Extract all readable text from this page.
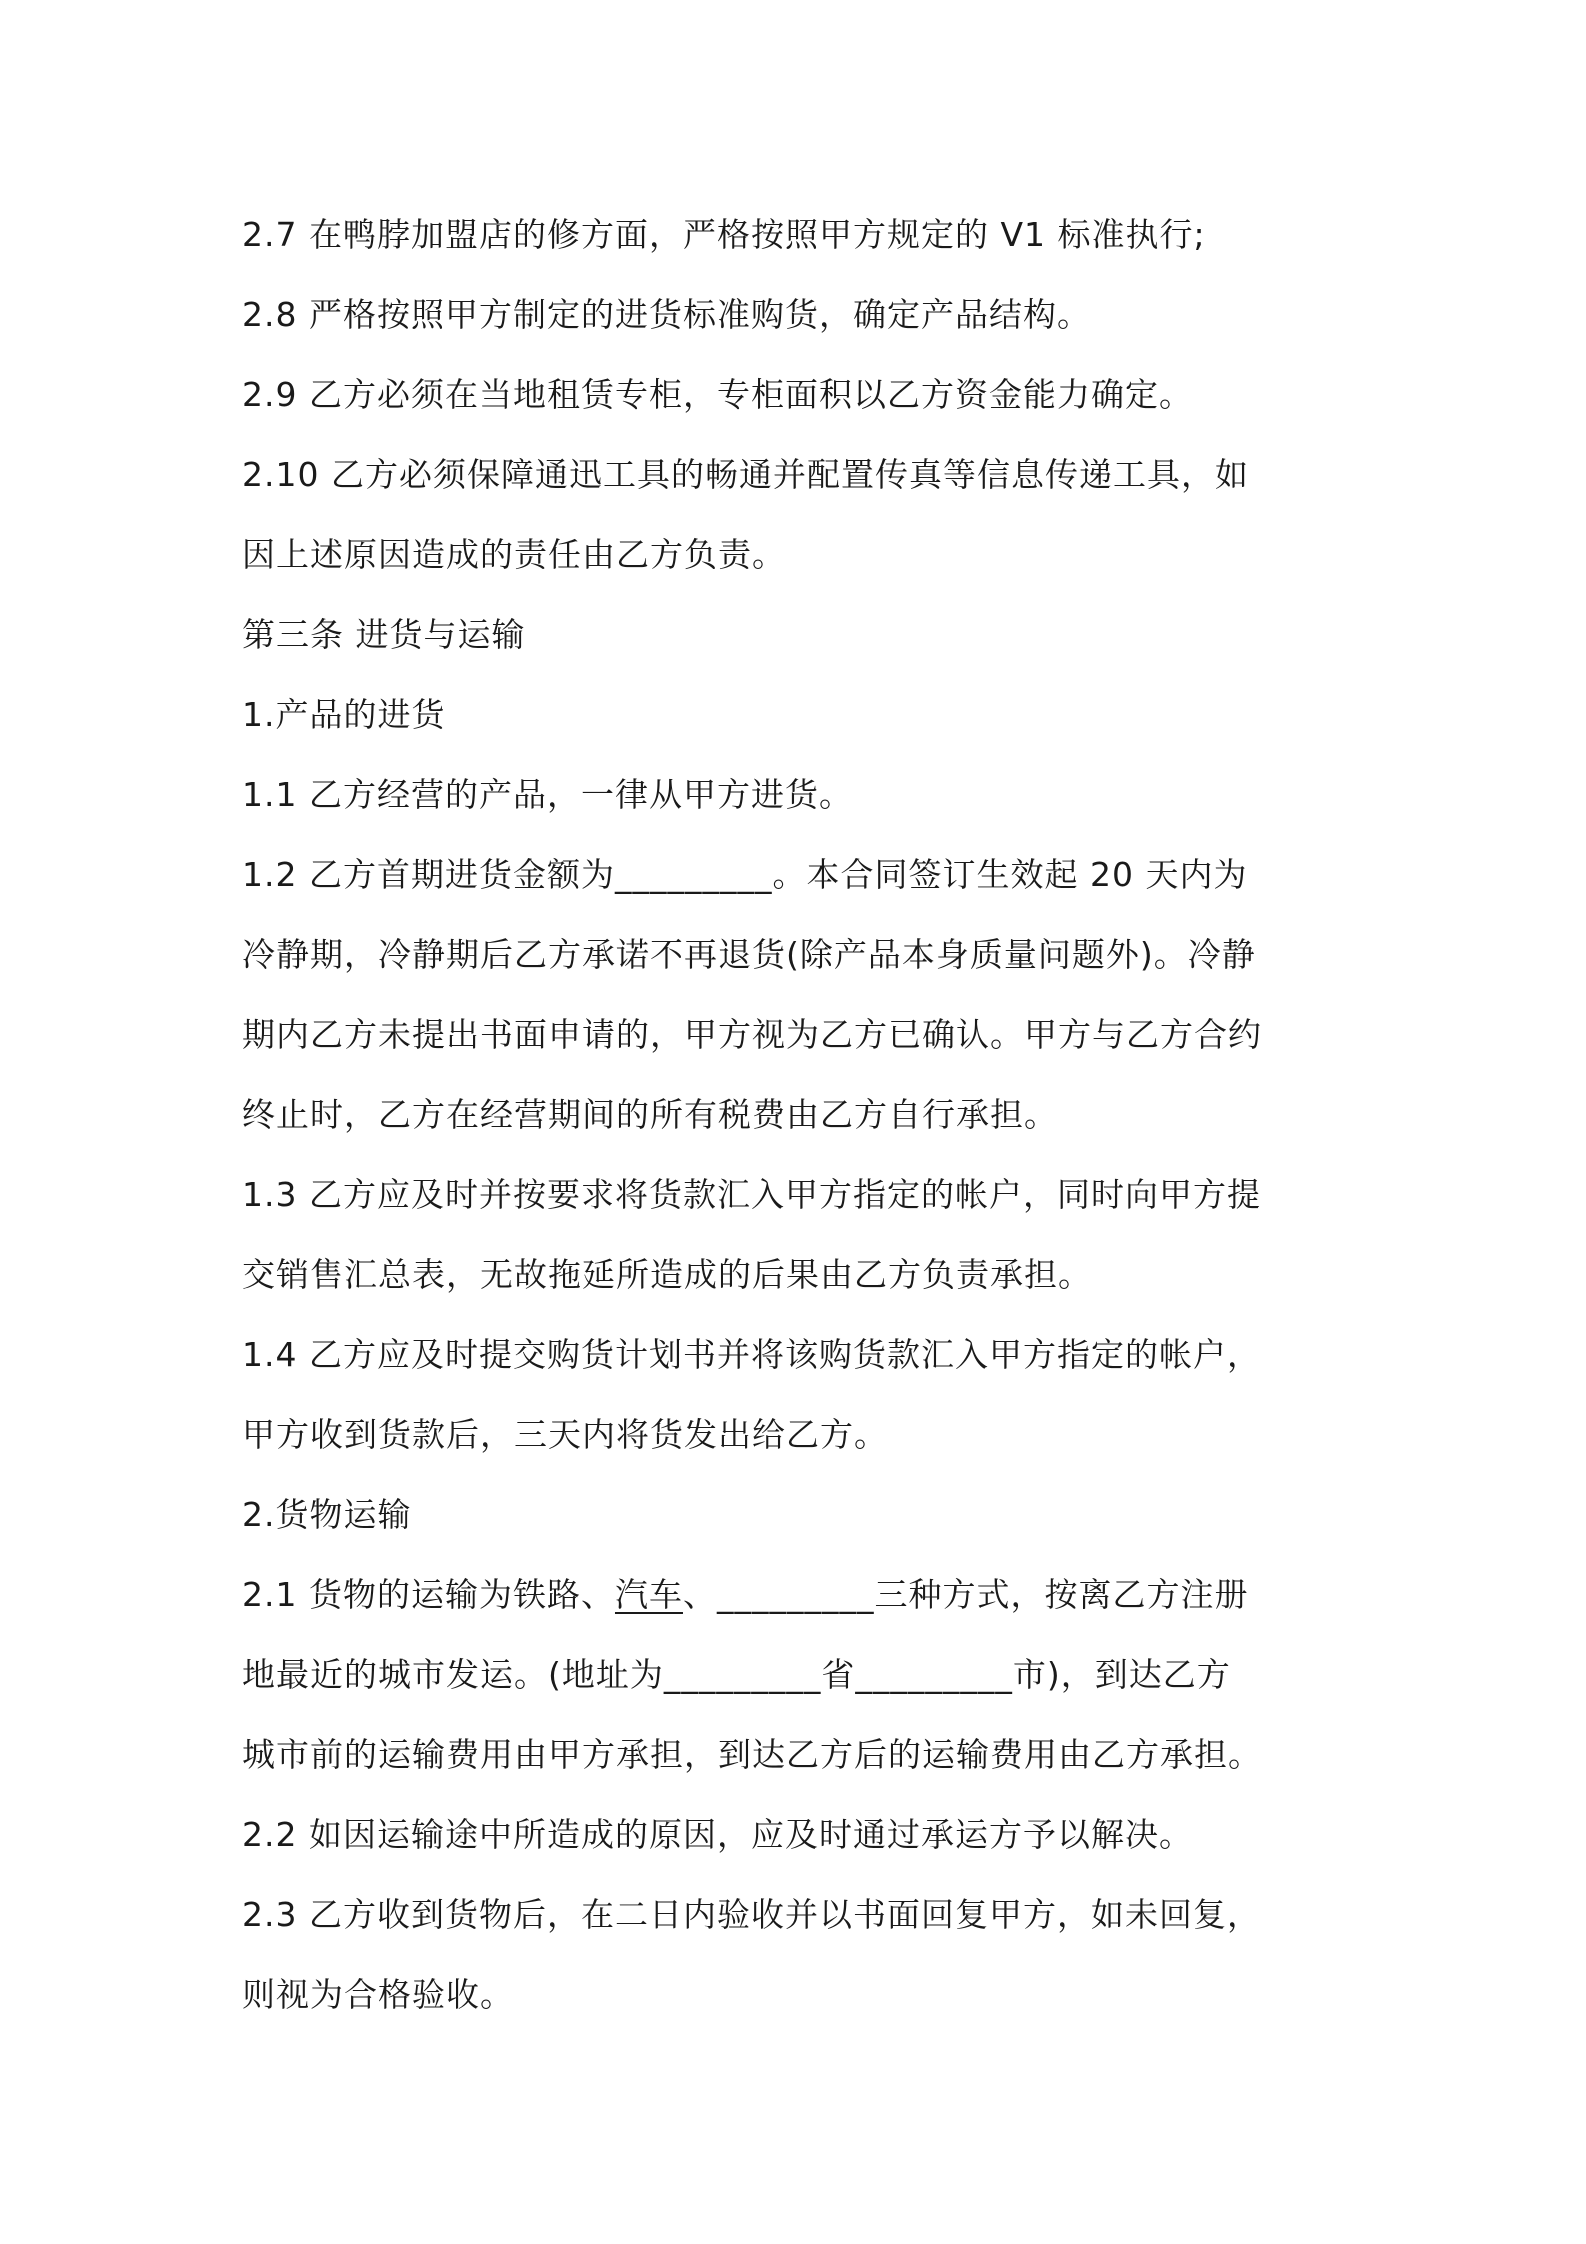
2.7 在鸭脖加盟店的修方面，严格按照甲方规定的 V1 标准执行;
2.8 严格按照甲方制定的进货标准购货，确定产品结构。
2.9 乙方必须在当地租赁专柜，专柜面积以乙方资金能力确定。
2.10 乙方必须保障通迅工具的畅通并配置传真等信息传递工具，如
因上述原因造成的责任由乙方负责。
第三条 进货与运输
1.产品的进货
1.1 乙方经营的产品，一律从甲方进货。
1.2 乙方首期进货金额为_________。本合同签订生效起 20 天内为
冷静期，冷静期后乙方承诺不再退货(除产品本身质量问题外)。冷静
期内乙方未提出书面申请的，甲方视为乙方已确认。甲方与乙方合约
终止时，乙方在经营期间的所有税费由乙方自行承担。
1.3 乙方应及时并按要求将货款汇入甲方指定的帐户，同时向甲方提
交销售汇总表，无故拖延所造成的后果由乙方负责承担。
1.4 乙方应及时提交购货计划书并将该购货款汇入甲方指定的帐户，
甲方收到货款后，三天内将货发出给乙方。
2.货物运输
2.1 货物的运输为铁路、汽车、_________三种方式，按离乙方注册
地最近的城市发运。(地址为_________省_________市)，到达乙方
城市前的运输费用由甲方承担，到达乙方后的运输费用由乙方承担。
2.2 如因运输途中所造成的原因，应及时通过承运方予以解决。
2.3 乙方收到货物后，在二日内验收并以书面回复甲方，如未回复，
则视为合格验收。
